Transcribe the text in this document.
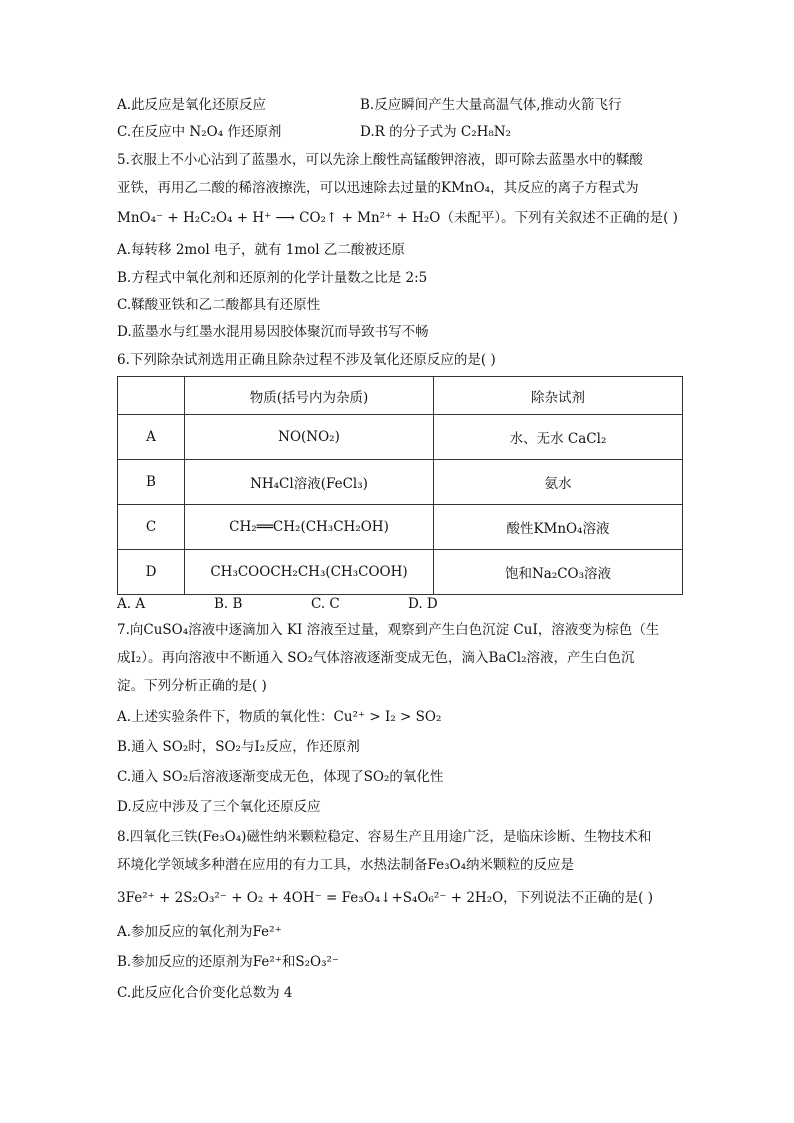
A.此反应是氧化还原反应	B.反应瞬间产生大量高温气体,推动火箭飞行
C.在反应中 N₂O₄ 作还原剂	D.R 的分子式为 C₂H₈N₂
5.衣服上不小心沾到了蓝墨水，可以先涂上酸性高锰酸钾溶液，即可除去蓝墨水中的鞣酸
亚铁，再用乙二酸的稀溶液擦洗，可以迅速除去过量的KMnO₄，其反应的离子方程式为
MnO₄⁻ + H₂C₂O₄ + H⁺ ⟶ CO₂↑ + Mn²⁺ + H₂O（未配平）。下列有关叙述不正确的是( )
A.每转移 2mol 电子，就有 1mol 乙二酸被还原
B.方程式中氧化剂和还原剂的化学计量数之比是 2:5
C.鞣酸亚铁和乙二酸都具有还原性
D.蓝墨水与红墨水混用易因胶体聚沉而导致书写不畅
6.下列除杂试剂选用正确且除杂过程不涉及氧化还原反应的是( )
	物质(括号内为杂质)	除杂试剂
A	NO(NO₂)	水、无水 CaCl₂
B	NH₄Cl溶液(FeCl₃)	氨水
C	CH₂══CH₂(CH₃CH₂OH)	酸性KMnO₄溶液
D	CH₃COOCH₂CH₃(CH₃COOH)	饱和Na₂CO₃溶液
A. A	B. B	C. C	D. D
7.向CuSO₄溶液中逐滴加入 KI 溶液至过量，观察到产生白色沉淀 CuI，溶液变为棕色（生
成I₂）。再向溶液中不断通入 SO₂气体溶液逐渐变成无色，滴入BaCl₂溶液，产生白色沉
淀。下列分析正确的是( )
A.上述实验条件下，物质的氧化性：Cu²⁺ > I₂ > SO₂
B.通入 SO₂时，SO₂与I₂反应，作还原剂
C.通入 SO₂后溶液逐渐变成无色，体现了SO₂的氧化性
D.反应中涉及了三个氧化还原反应
8.四氧化三铁(Fe₃O₄)磁性纳米颗粒稳定、容易生产且用途广泛，是临床诊断、生物技术和
环境化学领域多种潜在应用的有力工具，水热法制备Fe₃O₄纳米颗粒的反应是
3Fe²⁺ + 2S₂O₃²⁻ + O₂ + 4OH⁻ = Fe₃O₄↓+S₄O₆²⁻ + 2H₂O，下列说法不正确的是( )
A.参加反应的氧化剂为Fe²⁺
B.参加反应的还原剂为Fe²⁺和S₂O₃²⁻
C.此反应化合价变化总数为 4
